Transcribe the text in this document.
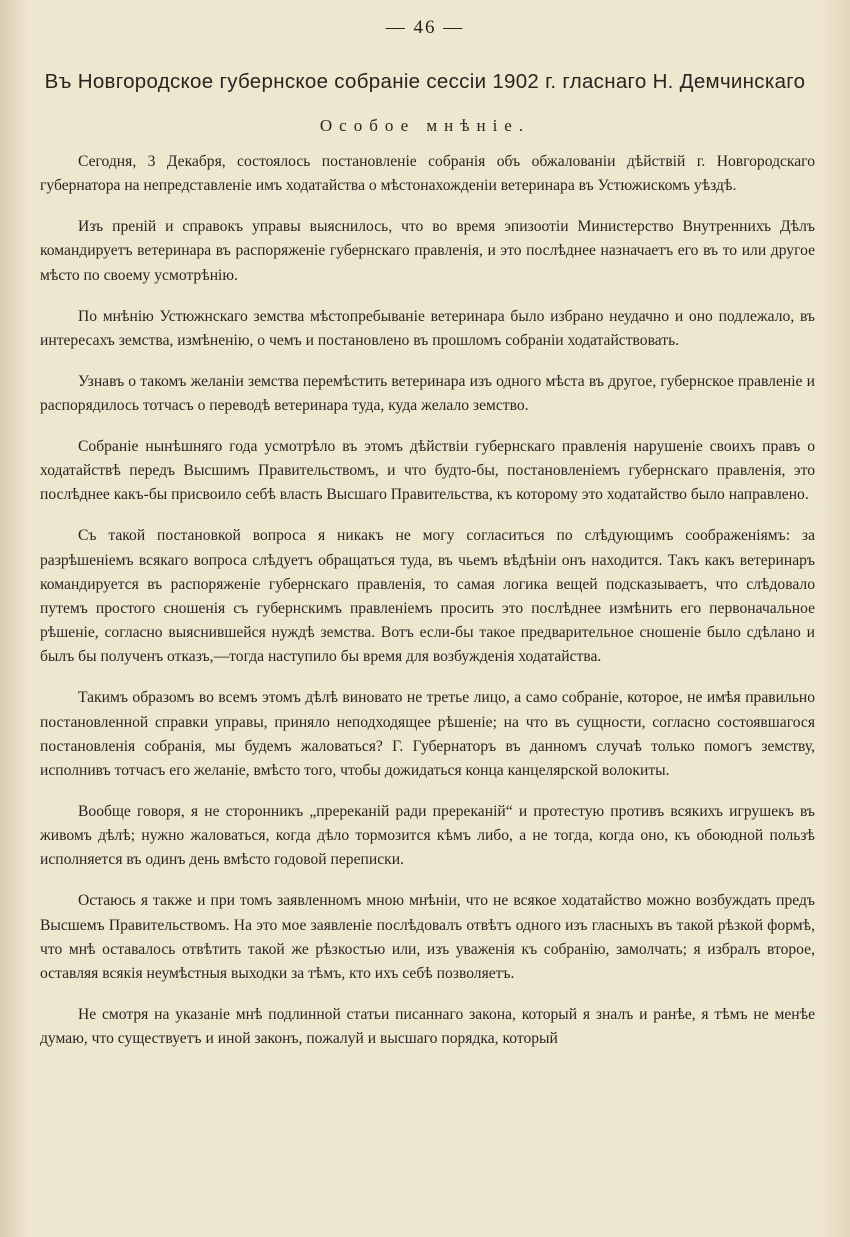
— 46 —
Въ Новгородское губернское собраніе сессіи 1902 г. гласнаго Н. Демчинскаго
Особое мнѣніе.

Сегодня, 3 Декабря, состоялось постановленіе собранія объ обжалованіи дѣйствій г. Новгородскаго губернатора на непредставленіе имъ ходатайства о мѣстонахожденіи ветеринара въ Устюжискомъ уѣздѣ.

Изъ преній и справокъ управы выяснилось, что во время эпизоотіи Министерство Внутреннихъ Дѣлъ командируетъ ветеринара въ распоряженіе губернскаго правленія, и это послѣднее назначаетъ его въ то или другое мѣсто по своему усмотрѣнію.

По мнѣнію Устюжнскаго земства мѣстопребываніе ветеринара было избрано неудачно и оно подлежало, въ интересахъ земства, измѣненію, о чемъ и постановлено въ прошломъ собраніи ходатайствовать.

Узнавъ о такомъ желаніи земства перемѣстить ветеринара изъ одного мѣста въ другое, губернское правленіе и распорядилось тотчасъ о переводѣ ветеринара туда, куда желало земство.

Собраніе нынѣшняго года усмотрѣло въ этомъ дѣйствіи губернскаго правленія нарушеніе своихъ правъ о ходатайствѣ передъ Высшимъ Правительствомъ, и что будто-бы, постановленіемъ губернскаго правленія, это послѣднее какъ-бы присвоило себѣ власть Высшаго Правительства, къ которому это ходатайство было направлено.

Съ такой постановкой вопроса я никакъ не могу согласиться по слѣдующимъ соображеніямъ: за разрѣшеніемъ всякаго вопроса слѣдуетъ обращаться туда, въ чьемъ вѣдѣніи онъ находится. Такъ какъ ветеринаръ командируется въ распоряженіе губернскаго правленія, то самая логика вещей подсказываетъ, что слѣдовало путемъ простого сношенія съ губернскимъ правленіемъ просить это послѣднее измѣнить его первоначальное рѣшеніе, согласно выяснившейся нуждѣ земства. Вотъ если-бы такое предварительное сношеніе было сдѣлано и былъ бы полученъ отказъ,—тогда наступило бы время для возбужденія ходатайства.

Такимъ образомъ во всемъ этомъ дѣлѣ виновато не третье лицо, а само собраніе, которое, не имѣя правильно постановленной справки управы, приняло неподходящее рѣшеніе; на что въ сущности, согласно состоявшагося постановленія собранія, мы будемъ жаловаться? Г. Губернаторъ въ данномъ случаѣ только помогъ земству, исполнивъ тотчасъ его желаніе, вмѣсто того, чтобы дожидаться конца канцелярской волокиты.

Вообще говоря, я не сторонникъ „пререканій ради пререканій“ и протестую противъ всякихъ игрушекъ въ живомъ дѣлѣ; нужно жаловаться, когда дѣло тормозится кѣмъ либо, а не тогда, когда оно, къ обоюдной пользѣ исполняется въ одинъ день вмѣсто годовой переписки.

Остаюсь я также и при томъ заявленномъ мною мнѣніи, что не всякое ходатайство можно возбуждать предъ Высшемъ Правительствомъ. На это мое заявленіе послѣдовалъ отвѣтъ одного изъ гласныхъ въ такой рѣзкой формѣ, что мнѣ оставалось отвѣтить такой же рѣзкостью или, изъ уваженія къ собранію, замолчать; я избралъ второе, оставляя всякія неумѣстныя выходки за тѣмъ, кто ихъ себѣ позволяетъ.

Не смотря на указаніе мнѣ подлинной статьи писаннаго закона, который я зналъ и ранѣе, я тѣмъ не менѣе думаю, что существуетъ и иной законъ, пожалуй и высшаго порядка, который
